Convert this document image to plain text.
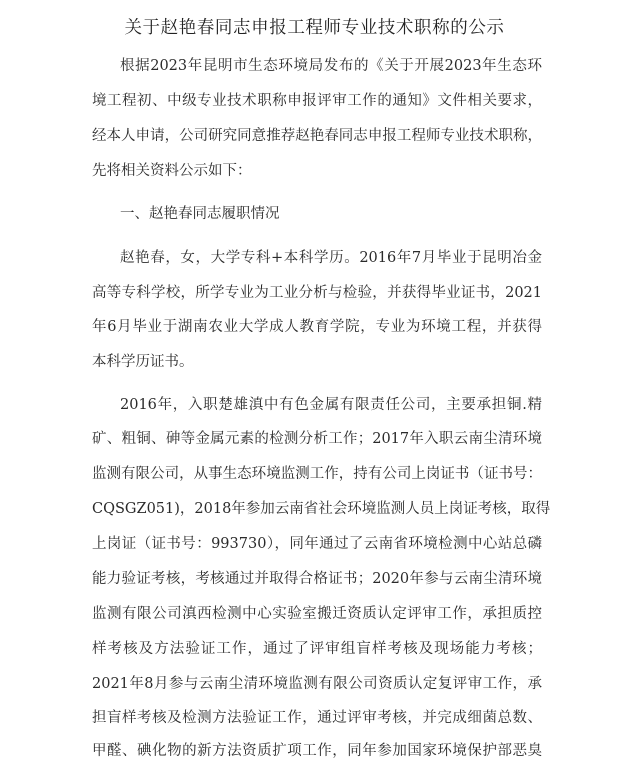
关于赵艳春同志申报工程师专业技术职称的公示
根据2023年昆明市生态环境局发布的《关于开展2023年生态环
境工程初、中级专业技术职称申报评审工作的通知》文件相关要求，
经本人申请，公司研究同意推荐赵艳春同志申报工程师专业技术职称，
先将相关资料公示如下：
一、赵艳春同志履职情况
赵艳春，女，大学专科+本科学历。2016年7月毕业于昆明冶金
高等专科学校，所学专业为工业分析与检验，并获得毕业证书，2021
年6月毕业于湖南农业大学成人教育学院，专业为环境工程，并获得
本科学历证书。
2016年，入职楚雄滇中有色金属有限责任公司，主要承担铜.精
矿、粗铜、砷等金属元素的检测分析工作；2017年入职云南尘清环境
监测有限公司，从事生态环境监测工作，持有公司上岗证书（证书号：
CQSGZ051)，2018年参加云南省社会环境监测人员上岗证考核，取得
上岗证（证书号：993730），同年通过了云南省环境检测中心站总磷
能力验证考核，考核通过并取得合格证书；2020年参与云南尘清环境
监测有限公司滇西检测中心实验室搬迁资质认定评审工作，承担质控
样考核及方法验证工作，通过了评审组盲样考核及现场能力考核；
2021年8月参与云南尘清环境监测有限公司资质认定复评审工作，承
担盲样考核及检测方法验证工作，通过评审考核，并完成细菌总数、
甲醛、碘化物的新方法资质扩项工作，同年参加国家环境保护部恶臭
